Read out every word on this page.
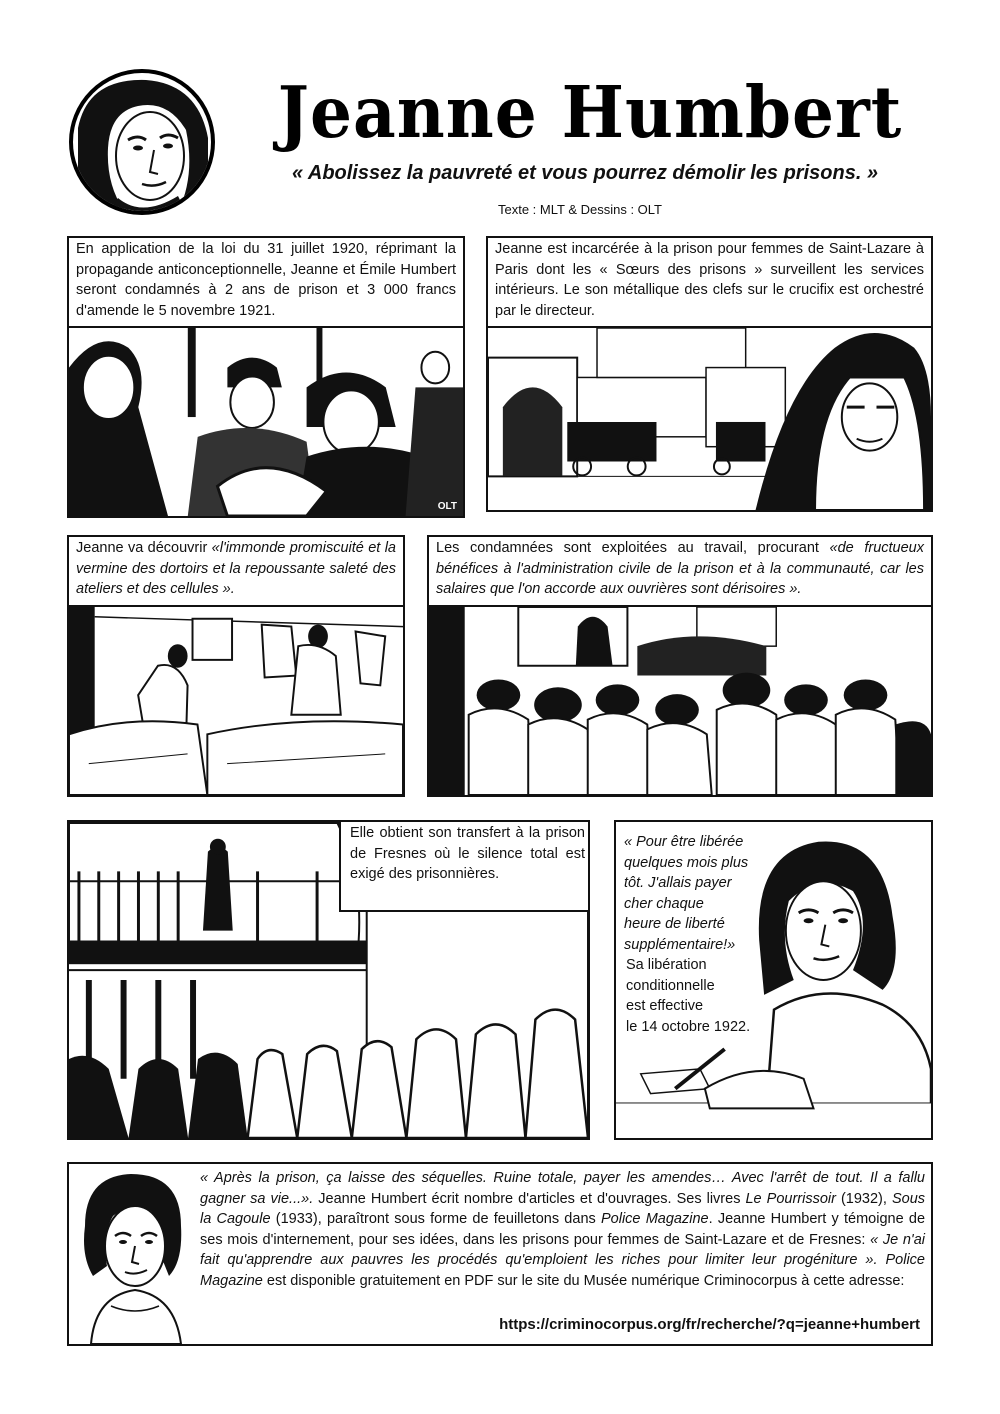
Jeanne Humbert
« Abolissez la pauvreté et vous pourrez démolir les prisons. »
Texte : MLT & Dessins : OLT
En application de la loi du 31 juillet 1920, réprimant la propagande anticonceptionnelle, Jeanne et Émile Humbert seront condamnés à 2 ans de prison et 3 000 francs d'amende le 5 novembre 1921.
OLT
Jeanne est incarcérée à la prison pour femmes de Saint-Lazare à Paris dont les « Sœurs des prisons » surveillent les services intérieurs. Le son métallique des clefs sur le crucifix est orchestré par le directeur.
Jeanne va découvrir «l'immonde promiscuité et la vermine des dortoirs et la repoussante saleté des ateliers et des cellules ».
Les condamnées sont exploitées au travail, procurant «de fructueux bénéfices à l'administration civile de la prison et à la communauté, car les salaires que l'on accorde aux ouvrières sont dérisoires ».
Elle obtient son transfert à la prison de Fresnes où le silence total est exigé des prisonnières.
« Pour être libérée
quelques mois plus
tôt. J'allais payer
cher chaque
heure de liberté
supplémentaire!»
Sa libération
conditionnelle
est effective
le 14 octobre 1922.
« Après la prison, ça laisse des séquelles. Ruine totale, payer les amendes… Avec l'arrêt de tout. Il a fallu gagner sa vie...». Jeanne Humbert écrit nombre d'articles et d'ouvrages. Ses livres Le Pourrissoir (1932), Sous la Cagoule (1933), paraîtront sous forme de feuilletons dans Police Magazine. Jeanne Humbert y témoigne de ses mois d'internement, pour ses idées, dans les prisons pour femmes de Saint-Lazare et de Fresnes: « Je n'ai fait qu'apprendre aux pauvres les procédés qu'emploient les riches pour limiter leur progéniture ». Police Magazine est disponible gratuitement en PDF sur le site du Musée numérique Criminocorpus à cette adresse:
https://criminocorpus.org/fr/recherche/?q=jeanne+humbert
